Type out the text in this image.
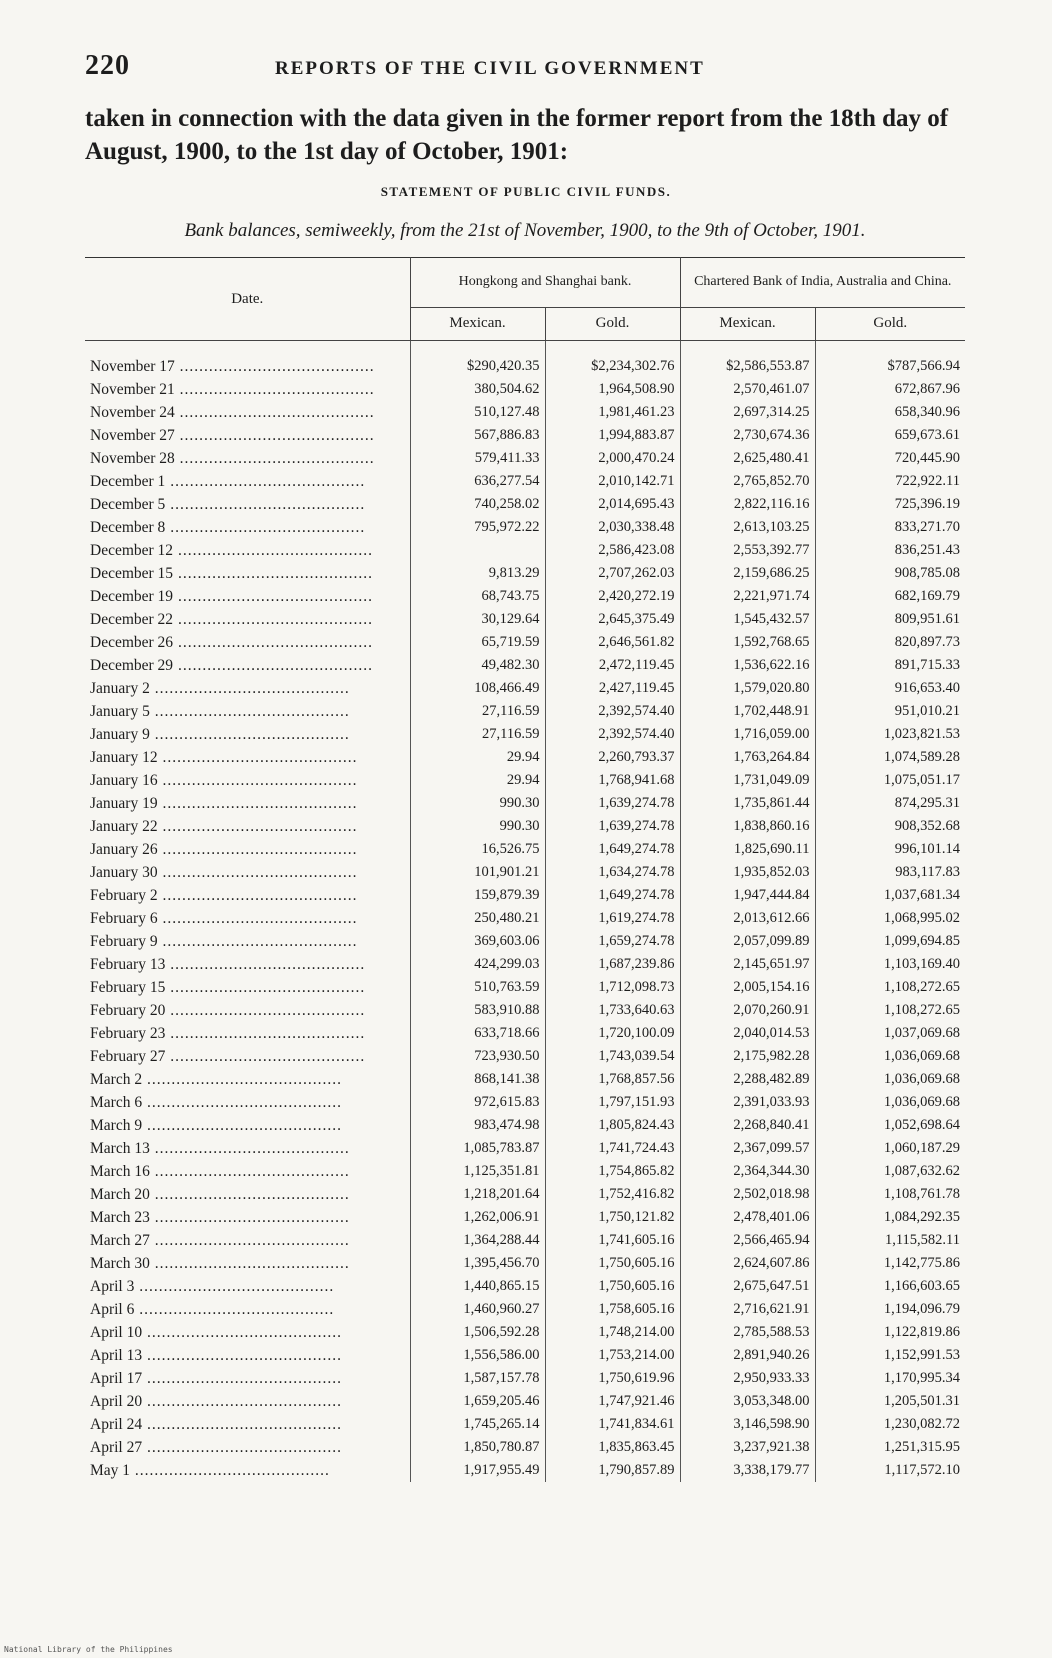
220	REPORTS OF THE CIVIL GOVERNMENT
taken in connection with the data given in the former report from the 18th day of August, 1900, to the 1st day of October, 1901:
STATEMENT OF PUBLIC CIVIL FUNDS.
Bank balances, semiweekly, from the 21st of November, 1900, to the 9th of October, 1901.
Date.	Hongkong and Shanghai bank.		Chartered Bank of India, Australia and China.	
	Mexican.	Gold.	Mexican.	Gold.
November 17 ........................................	$290,420.35	$2,234,302.76	$2,586,553.87	$787,566.94
November 21 ........................................	380,504.62	1,964,508.90	2,570,461.07	672,867.96
November 24 ........................................	510,127.48	1,981,461.23	2,697,314.25	658,340.96
November 27 ........................................	567,886.83	1,994,883.87	2,730,674.36	659,673.61
November 28 ........................................	579,411.33	2,000,470.24	2,625,480.41	720,445.90
December 1 ........................................	636,277.54	2,010,142.71	2,765,852.70	722,922.11
December 5 ........................................	740,258.02	2,014,695.43	2,822,116.16	725,396.19
December 8 ........................................	795,972.22	2,030,338.48	2,613,103.25	833,271.70
December 12 ........................................		2,586,423.08	2,553,392.77	836,251.43
December 15 ........................................	9,813.29	2,707,262.03	2,159,686.25	908,785.08
December 19 ........................................	68,743.75	2,420,272.19	2,221,971.74	682,169.79
December 22 ........................................	30,129.64	2,645,375.49	1,545,432.57	809,951.61
December 26 ........................................	65,719.59	2,646,561.82	1,592,768.65	820,897.73
December 29 ........................................	49,482.30	2,472,119.45	1,536,622.16	891,715.33
January 2 ........................................	108,466.49	2,427,119.45	1,579,020.80	916,653.40
January 5 ........................................	27,116.59	2,392,574.40	1,702,448.91	951,010.21
January 9 ........................................	27,116.59	2,392,574.40	1,716,059.00	1,023,821.53
January 12 ........................................	29.94	2,260,793.37	1,763,264.84	1,074,589.28
January 16 ........................................	29.94	1,768,941.68	1,731,049.09	1,075,051.17
January 19 ........................................	990.30	1,639,274.78	1,735,861.44	874,295.31
January 22 ........................................	990.30	1,639,274.78	1,838,860.16	908,352.68
January 26 ........................................	16,526.75	1,649,274.78	1,825,690.11	996,101.14
January 30 ........................................	101,901.21	1,634,274.78	1,935,852.03	983,117.83
February 2 ........................................	159,879.39	1,649,274.78	1,947,444.84	1,037,681.34
February 6 ........................................	250,480.21	1,619,274.78	2,013,612.66	1,068,995.02
February 9 ........................................	369,603.06	1,659,274.78	2,057,099.89	1,099,694.85
February 13 ........................................	424,299.03	1,687,239.86	2,145,651.97	1,103,169.40
February 15 ........................................	510,763.59	1,712,098.73	2,005,154.16	1,108,272.65
February 20 ........................................	583,910.88	1,733,640.63	2,070,260.91	1,108,272.65
February 23 ........................................	633,718.66	1,720,100.09	2,040,014.53	1,037,069.68
February 27 ........................................	723,930.50	1,743,039.54	2,175,982.28	1,036,069.68
March 2 ........................................	868,141.38	1,768,857.56	2,288,482.89	1,036,069.68
March 6 ........................................	972,615.83	1,797,151.93	2,391,033.93	1,036,069.68
March 9 ........................................	983,474.98	1,805,824.43	2,268,840.41	1,052,698.64
March 13 ........................................	1,085,783.87	1,741,724.43	2,367,099.57	1,060,187.29
March 16 ........................................	1,125,351.81	1,754,865.82	2,364,344.30	1,087,632.62
March 20 ........................................	1,218,201.64	1,752,416.82	2,502,018.98	1,108,761.78
March 23 ........................................	1,262,006.91	1,750,121.82	2,478,401.06	1,084,292.35
March 27 ........................................	1,364,288.44	1,741,605.16	2,566,465.94	1,115,582.11
March 30 ........................................	1,395,456.70	1,750,605.16	2,624,607.86	1,142,775.86
April 3 ........................................	1,440,865.15	1,750,605.16	2,675,647.51	1,166,603.65
April 6 ........................................	1,460,960.27	1,758,605.16	2,716,621.91	1,194,096.79
April 10 ........................................	1,506,592.28	1,748,214.00	2,785,588.53	1,122,819.86
April 13 ........................................	1,556,586.00	1,753,214.00	2,891,940.26	1,152,991.53
April 17 ........................................	1,587,157.78	1,750,619.96	2,950,933.33	1,170,995.34
April 20 ........................................	1,659,205.46	1,747,921.46	3,053,348.00	1,205,501.31
April 24 ........................................	1,745,265.14	1,741,834.61	3,146,598.90	1,230,082.72
April 27 ........................................	1,850,780.87	1,835,863.45	3,237,921.38	1,251,315.95
May 1 ........................................	1,917,955.49	1,790,857.89	3,338,179.77	1,117,572.10
National Library of the Philippines
